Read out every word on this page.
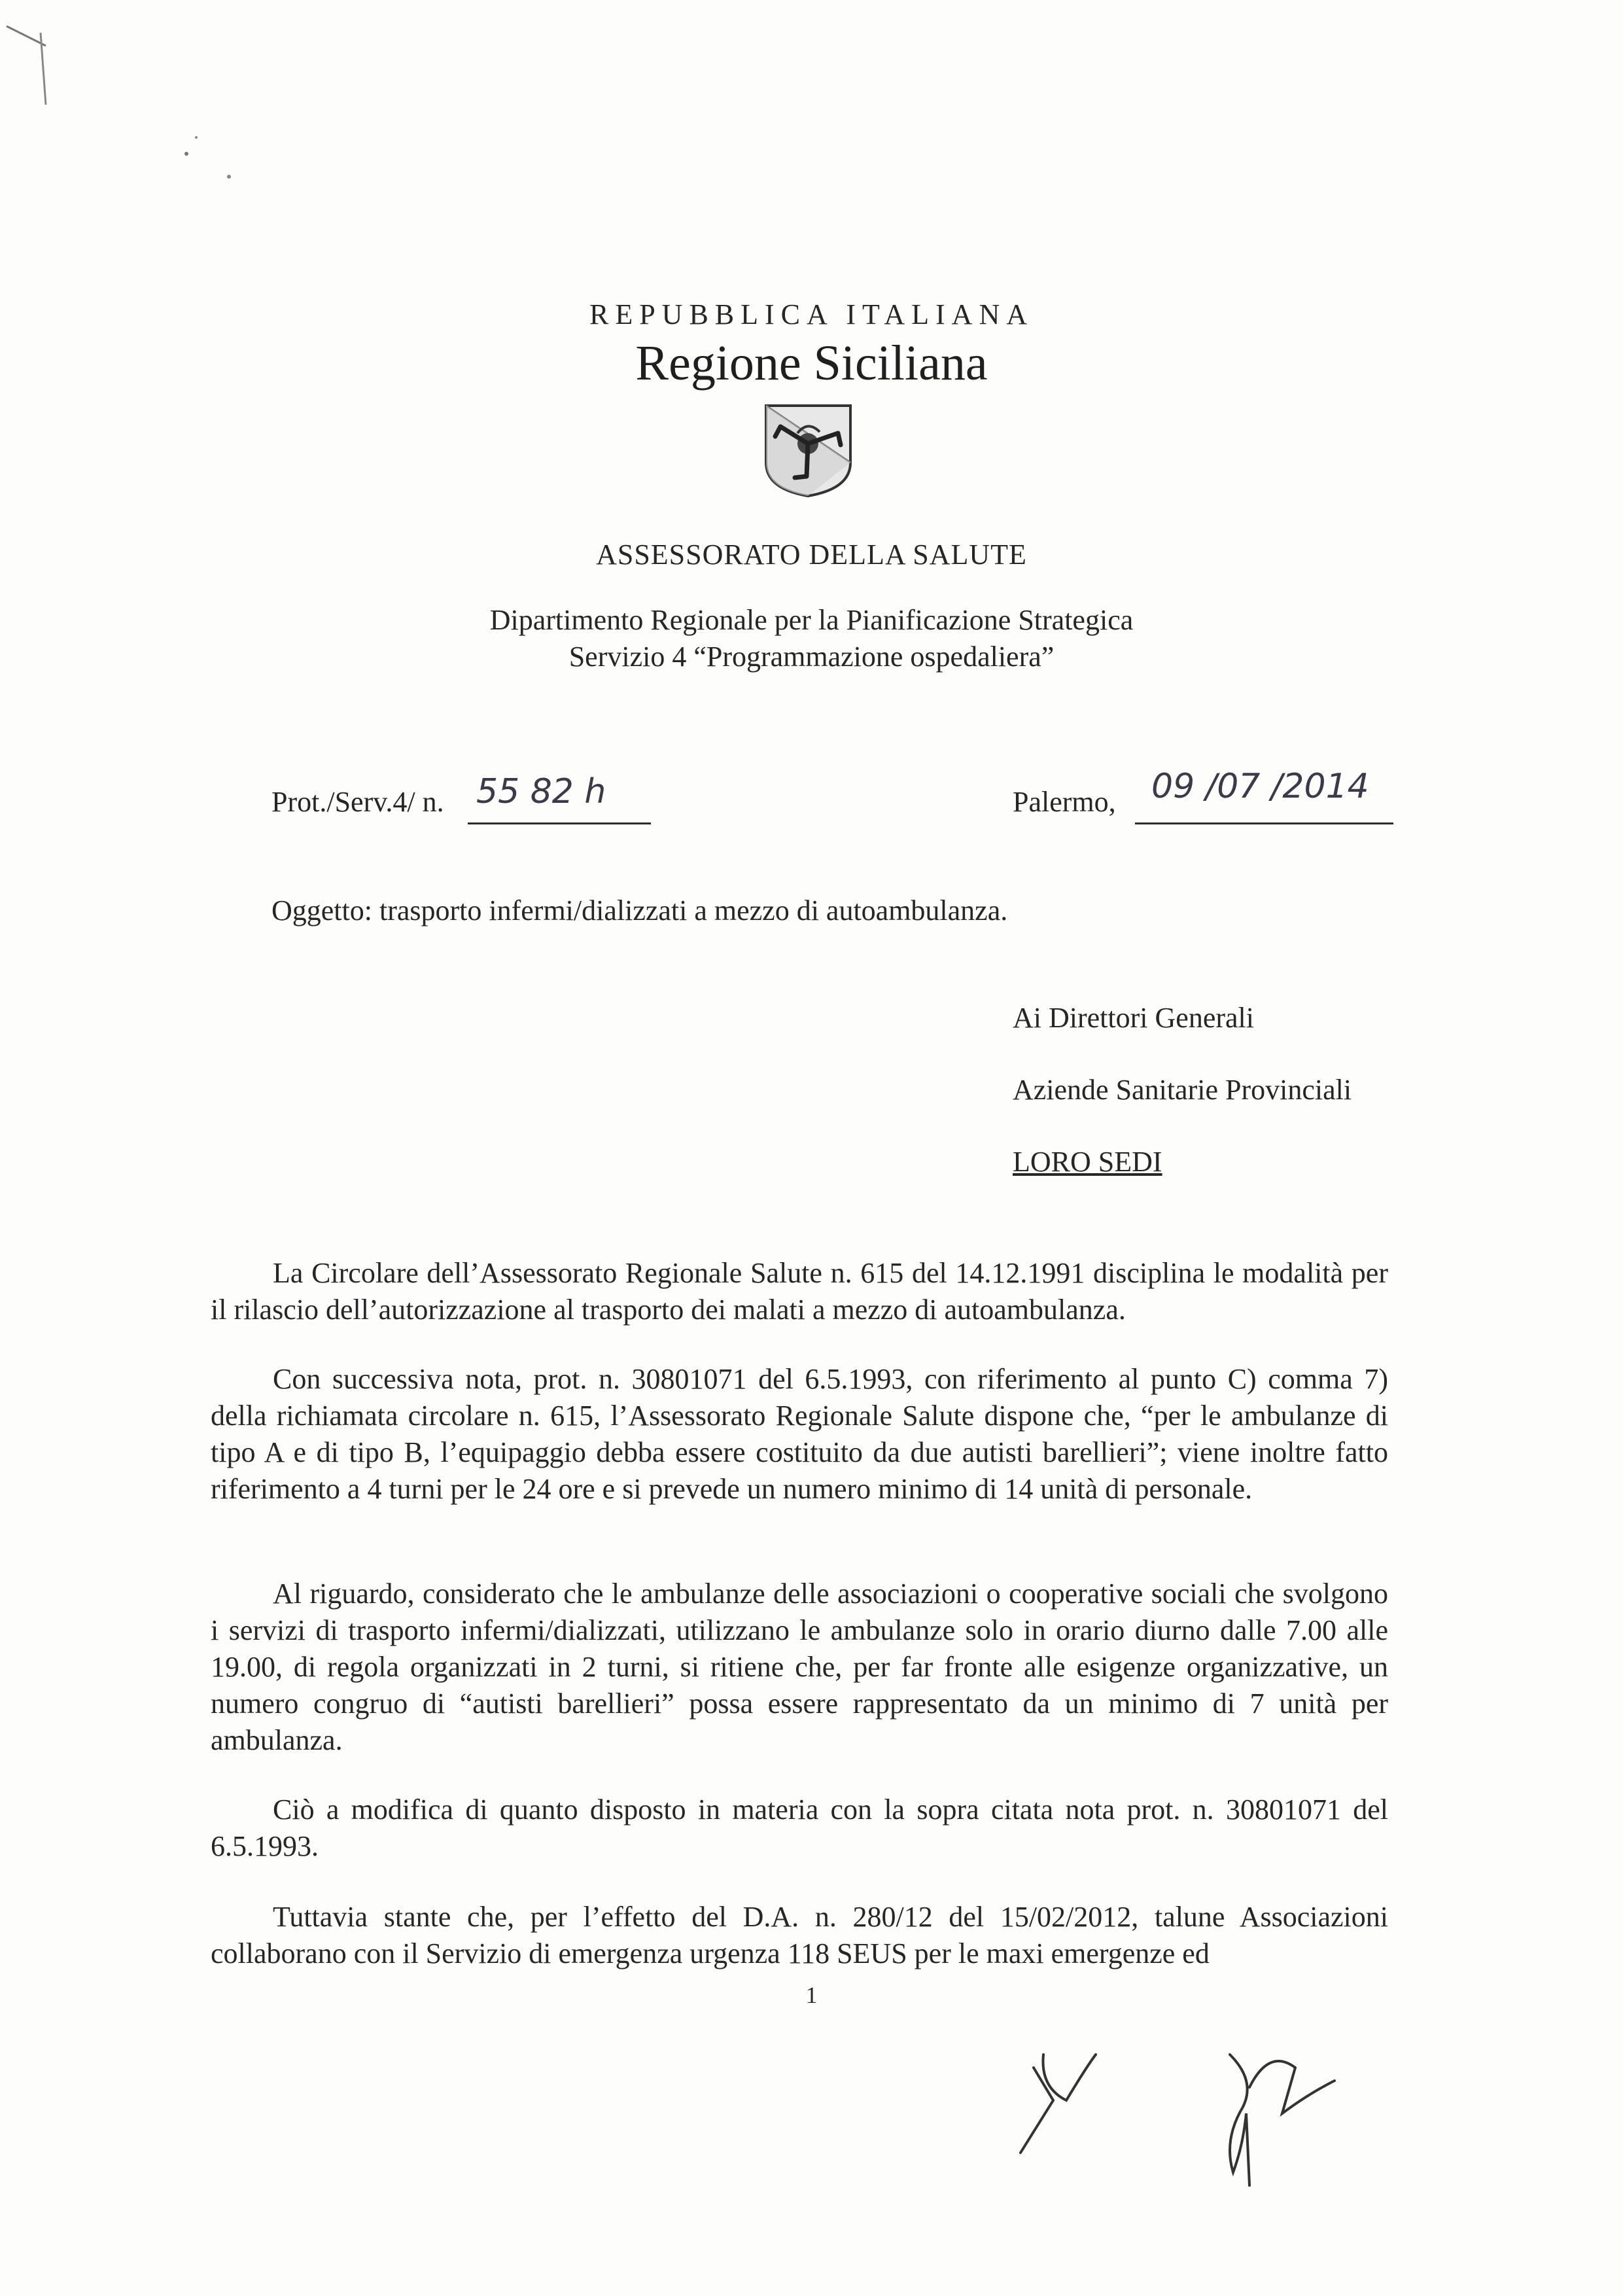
REPUBBLICA ITALIANA
Regione Siciliana
ASSESSORATO DELLA SALUTE
Dipartimento Regionale per la Pianificazione Strategica
Servizio 4 “Programmazione ospedaliera”
Prot./Serv.4/ n. 55 82 h	Palermo, 09 /07 /2014
Oggetto: trasporto infermi/dializzati a mezzo di autoambulanza.
Ai Direttori Generali
Aziende Sanitarie Provinciali
LORO SEDI
La Circolare dell’Assessorato Regionale Salute n. 615 del 14.12.1991 disciplina le modalità per il rilascio dell’autorizzazione al trasporto dei malati a mezzo di autoambulanza.
Con successiva nota, prot. n. 30801071 del 6.5.1993, con riferimento al punto C) comma 7) della richiamata circolare n. 615, l’Assessorato Regionale Salute dispone che, “per le ambulanze di tipo A e di tipo B, l’equipaggio debba essere costituito da due autisti barellieri”; viene inoltre fatto riferimento a 4 turni per le 24 ore e si prevede un numero minimo di 14 unità di personale.
Al riguardo, considerato che le ambulanze delle associazioni o cooperative sociali che svolgono i servizi di trasporto infermi/dializzati, utilizzano le ambulanze solo in orario diurno dalle 7.00 alle 19.00, di regola organizzati in 2 turni, si ritiene che, per far fronte alle esigenze organizzative, un numero congruo di “autisti barellieri” possa essere rappresentato da un minimo di 7 unità per ambulanza.
Ciò a modifica di quanto disposto in materia con la sopra citata nota prot. n. 30801071 del 6.5.1993.
Tuttavia stante che, per l’effetto del D.A. n. 280/12 del 15/02/2012, talune Associazioni collaborano con il Servizio di emergenza urgenza 118 SEUS per le maxi emergenze ed
1
